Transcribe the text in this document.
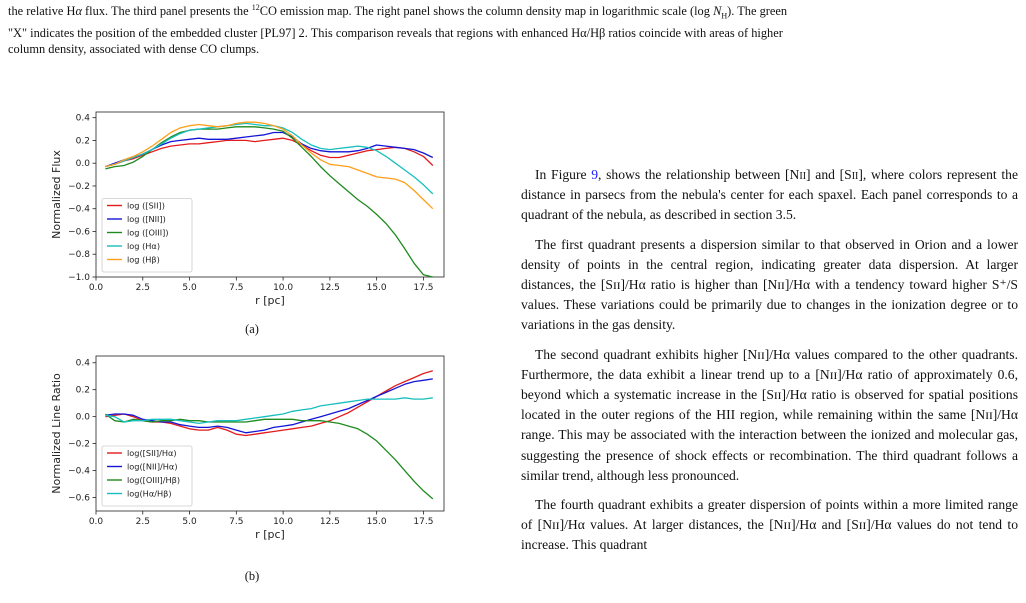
the relative Hα flux. The third panel presents the $^{12}$CO emission map. The right panel shows the column density map in logarithmic scale (log $N_H$). The green
"X" indicates the position of the embedded cluster [PL97] 2. This comparison reveals that regions with enhanced Hα/Hβ ratios coincide with areas of higher
column density, associated with dense CO clumps.
0.0	2.5	5.0	7.5	10.0	12.5	15.0	17.5
−1.0
−0.8
−0.6
−0.4
−0.2
0.0
0.2
0.4
r [pc]
Normalized Flux	log ([SII])
log ([NII])
log ([OIII])
log (Hα)
log (Hβ)
(a)
0.0	2.5	5.0	7.5	10.0	12.5	15.0	17.5
−0.6
−0.4
−0.2
0.0
0.2
0.4
r [pc]
Normalized Line Ratio	log([SII]/Hα)
log([NII]/Hα)
log([OIII]/Hβ)
log(Hα/Hβ)
(b)

In Figure 9, shows the relationship between [Nii] and [Sii], where colors represent the distance in parsecs from the nebula's center for each spaxel. Each panel corresponds to a quadrant of the nebula, as described in section 3.5.

The first quadrant presents a dispersion similar to that observed in Orion and a lower density of points in the central region, indicating greater data dispersion. At larger distances, the [Sɪɪ]/Hα ratio is higher than [Nɪɪ]/Hα with a tendency toward higher S⁺/S values. These variations could be primarily due to changes in the ionization degree or to variations in the gas density.

The second quadrant exhibits higher [Nɪɪ]/Hα values compared to the other quadrants. Furthermore, the data exhibit a linear trend up to a [Nɪɪ]/Hα ratio of approximately 0.6, beyond which a systematic increase in the [Sɪɪ]/Hα ratio is observed for spatial positions located in the outer regions of the HII region, while remaining within the same [Nɪɪ]/Hα range. This may be associated with the interaction between the ionized and molecular gas, suggesting the presence of shock effects or recombination. The third quadrant follows a similar trend, although less pronounced.

The fourth quadrant exhibits a greater dispersion of points within a more limited range of [Nɪɪ]/Hα values. At larger distances, the [Nɪɪ]/Hα and [Sɪɪ]/Hα values do not tend to increase. This quadrant
